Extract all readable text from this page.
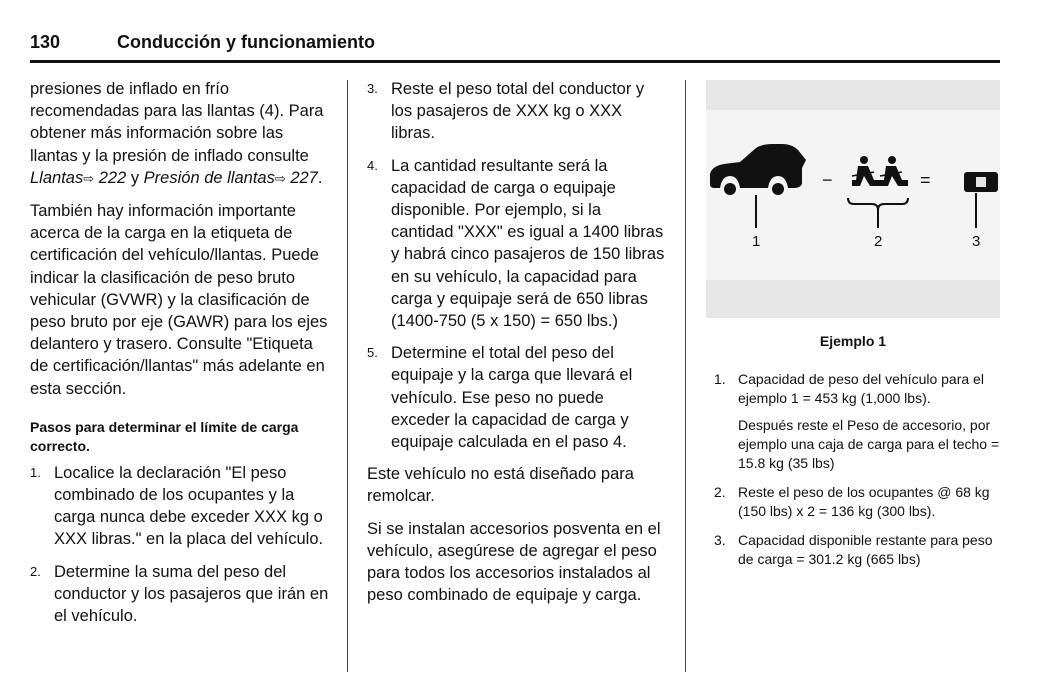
130	Conducción y funcionamiento

presiones de inflado en frío recomendadas para las llantas (4). Para obtener más información sobre las llantas y la presión de inflado consulte Llantas⇨ 222 y Presión de llantas⇨ 227.

También hay información importante acerca de la carga en la etiqueta de certificación del vehículo/llantas. Puede indicar la clasificación de peso bruto vehicular (GVWR) y la clasificación de peso bruto por eje (GAWR) para los ejes delantero y trasero. Consulte "Etiqueta de certificación/llantas" más adelante en esta sección.

Pasos para determinar el límite de carga correcto.
1. Localice la declaración "El peso combinado de los ocupantes y la carga nunca debe exceder XXX kg o XXX libras." en la placa del vehículo.
2. Determine la suma del peso del conductor y los pasajeros que irán en el vehículo.
3. Reste el peso total del conductor y los pasajeros de XXX kg o XXX libras.
4. La cantidad resultante será la capacidad de carga o equipaje disponible. Por ejemplo, si la cantidad "XXX" es igual a 1400 libras y habrá cinco pasajeros de 150 libras en su vehículo, la capacidad para carga y equipaje será de 650 libras (1400-750 (5 x 150) = 650 lbs.)
5. Determine el total del peso del equipaje y la carga que llevará el vehículo. Ese peso no puede exceder la capacidad de carga y equipaje calculada en el paso 4.

Este vehículo no está diseñado para remolcar.

Si se instalan accesorios posventa en el vehículo, asegúrese de agregar el peso para todos los accesorios instalados al peso combinado de equipaje y carga.

−	=
1	2	3
Ejemplo 1
1. Capacidad de peso del vehículo para el ejemplo 1 = 453 kg (1,000 lbs).
Después reste el Peso de accesorio, por ejemplo una caja de carga para el techo = 15.8 kg (35 lbs)
2. Reste el peso de los ocupantes @ 68 kg (150 lbs) x 2 = 136 kg (300 lbs).
3. Capacidad disponible restante para peso de carga = 301.2 kg (665 lbs)
